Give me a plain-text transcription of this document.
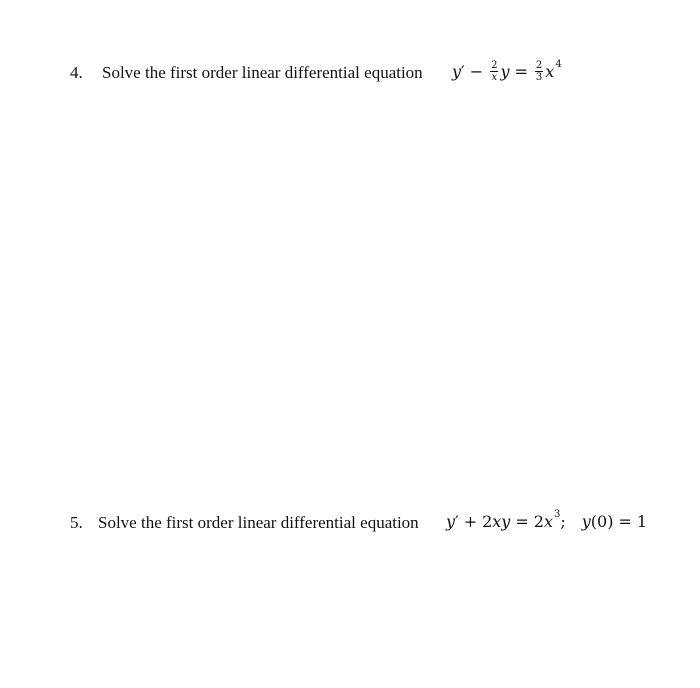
4. Solve the first order linear differential equation y ′ − $\frac{2}{x}$ $y = \frac{2}{3}$ x 4
5. Solve the first order linear differential equation y ′ + 2 xy = 2 x 3 ; y (0) = 1
